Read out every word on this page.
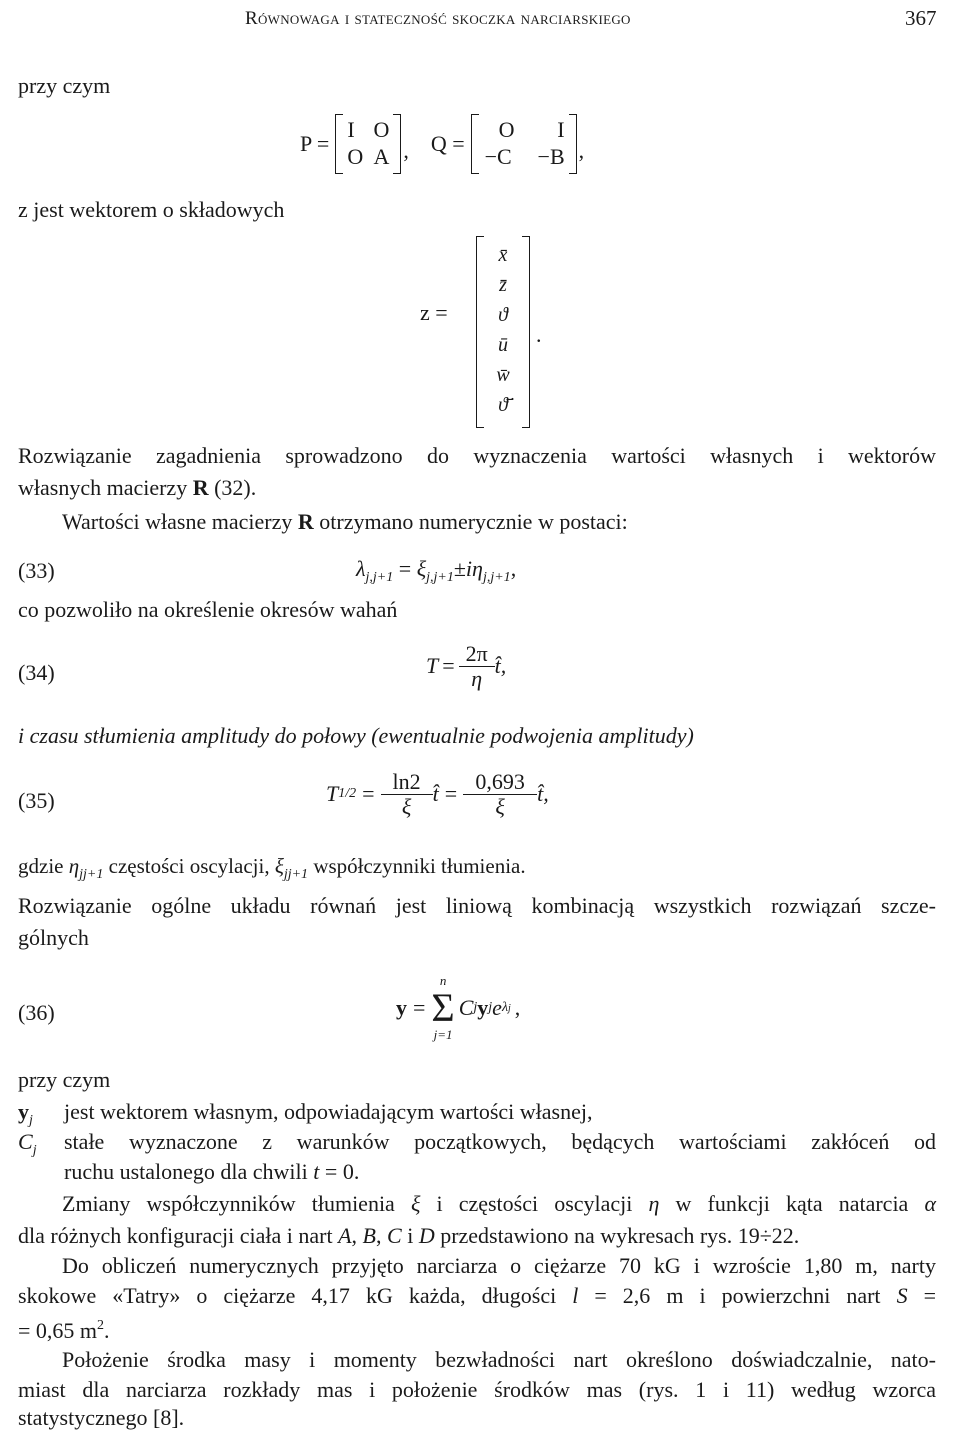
Równowaga i stateczność skoczka narciarskiego	367
przy czym
P =
I O
O A , Q =
O I
−C −B ,
z jest wektorem o składowych
z =
x̄
z̄
ϑ
ū
w̄
ϑ̄̇
.
Rozwiązanie zagadnienia sprowadzono do wyznaczenia wartości własnych i wektorów
własnych macierzy R (32).
Wartości własne macierzy R otrzymano numerycznie w postaci:
(33)	$\lambda_{j,j+1} = \xi_{j,j+1}\pm i\eta_{j,j+1}$,
co pozwoliło na określenie okresów wahań
(34)	$T = \frac{2\pi}{\eta}$ t̂,
i czasu stłumienia amplitudy do połowy (ewentualnie podwojenia amplitudy)
(35)	T $1/2 = \frac{\ln 2}{\xi}$ t̂ = $\frac{0,693}{\xi}$ t̂,
gdzie $\eta_{jj+1}$ częstości oscylacji, $\xi_{jj+1}$ współczynniki tłumienia.
Rozwiązanie ogólne układu równań jest liniową kombinacją wszystkich rozwiązań szcze-
gólnych
(36)	y =
n
Σ
j=1
C j y j e λ j ,
przy czym
$y_j$ jest wektorem własnym, odpowiadającym wartości własnej,
$C_j$ stałe wyznaczone z warunków początkowych, będących wartościami zakłóceń od
ruchu ustalonego dla chwili t = 0.
Zmiany współczynników tłumienia ξ i częstości oscylacji η w funkcji kąta natarcia α
dla różnych konfiguracji ciała i nart A, B, C i D przedstawiono na wykresach rys. 19÷22.
Do obliczeń numerycznych przyjęto narciarza o ciężarze 70 kG i wzroście 1,80 m, narty
skokowe «Tatry» o ciężarze 4,17 kG każda, długości l = 2,6 m i powierzchni nart S =
= 0,65 $m^2$.
Położenie środka masy i momenty bezwładności nart określono doświadczalnie, nato-
miast dla narciarza rozkłady mas i położenie środków mas (rys. 1 i 11) według wzorca
statystycznego [8].
